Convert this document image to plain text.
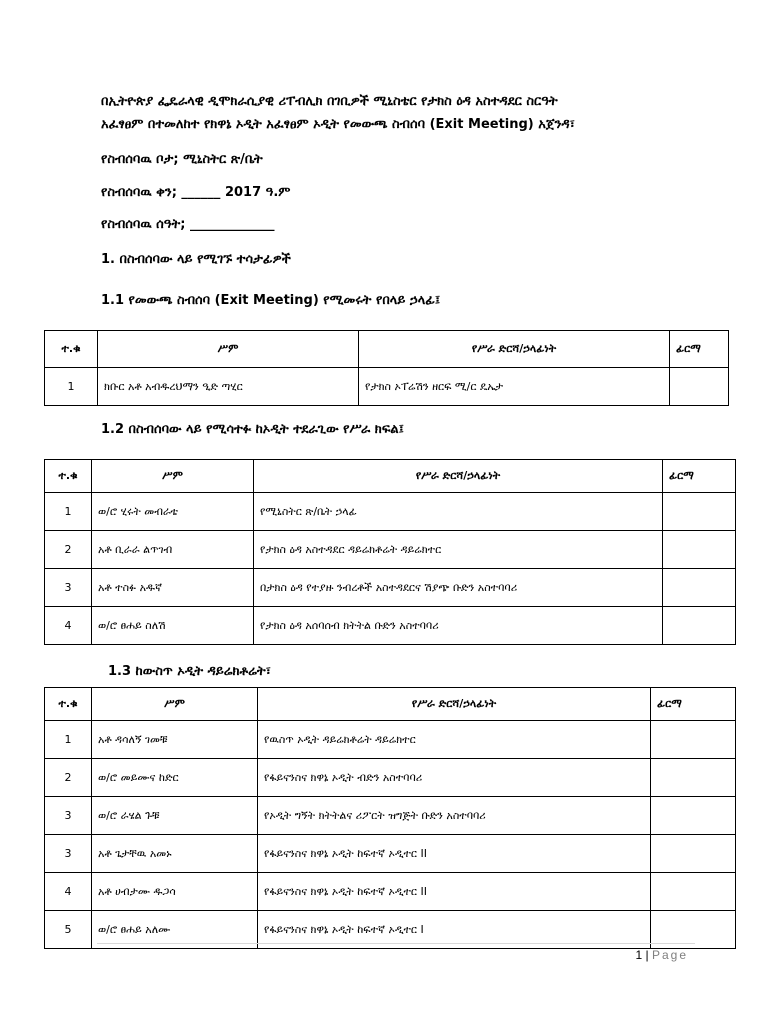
በኢትዮጵያ ፌዴራላዊ ዲሞክራሲያዊ ሪፐብሊክ በገቢዎች ሚኒስቴር የታክስ ዕዳ አስተዳደር ስርዓት
አፈፃፀም በተመለከተ የክዋኔ ኦዲት አፈፃፀም ኦዲት የመውጫ ስብሰባ (Exit Meeting) አጀንዳ፣
የስብሰባዉ ቦታ; ሚኒስትር ጽ/ቤት
የስብሰባዉ ቀን; ______ 2017 ዓ.ም
የስብሰባዉ ሰዓት; _____________
1. በስብሰባው ላይ የሚገኙ ተሳታፊዎች
1.1 የመውጫ ስብሰባ (Exit Meeting) የሚመሩት የበላይ ኃላፊ፤
ተ.ቁ	ሥም	የሥራ ድርሻ/ኃላፊነት	ፊርማ
1	ክቡር አቶ አብዱረህማን ዒድ ጣሂር	የታክስ ኦፐሬሽን ዘርፍ ሚ/ር ዴኤታ	
1.2 በስብሰባው ላይ የሚሳተፉ ከኦዲት ተደራጊው የሥራ ክፍል፤
ተ.ቁ	ሥም	የሥራ ድርሻ/ኃላፊነት	ፊርማ
1	ወ/ሮ ሂሩት መብራቴ	የሚኒስትር ጽ/ቤት ኃላፊ	
2	አቶ ቢራራ ልጥገብ	የታክስ ዕዳ አስተዳደር ዳይሬክቶሬት ዳይሬክተር	
3	አቶ ተስፉ አዱኛ	በታክስ ዕዳ የተያዙ ንብረቶች አስተዳደርና ሽያጭ ቡድን አስተባባሪ	
4	ወ/ሮ ፀሐይ ስለሽ	የታክስ ዕዳ አሰባሰብ ክትትል ቡድን አስተባባሪ	
1.3 ከውስጥ ኦዲት ዳይሬክቶሬት፣
ተ.ቁ	ሥም	የሥራ ድርሻ/ኃላፊነት	ፊርማ
1	አቶ ዳሳለኝ ገመቹ	የዉስጥ ኦዲት ዳይሬክቶሬት ዳይሬክተር	
2	ወ/ሮ መይሙና ከድር	የፋይናንስና ክዋኔ ኦዲት ብድን አስተባባሪ	
3	ወ/ሮ ራሄል ጉቹ	የኦዲት ግኝት ክትትልና ሪፖርት ዝግጅት ቡድን አስተባባሪ	
3	አቶ ጌታቸዉ አመኑ	የፋይናንስና ክዋኔ ኦዲት ከፍተኛ ኦዲተር II	
4	አቶ ሀብታሙ ዱጋሳ	የፋይናንስና ክዋኔ ኦዲት ከፍተኛ ኦዲተር II	
5	ወ/ሮ ፀሐይ አለሙ	የፋይናንስና ክዋኔ ኦዲት ከፍተኛ ኦዲተር I	
1 | Page
